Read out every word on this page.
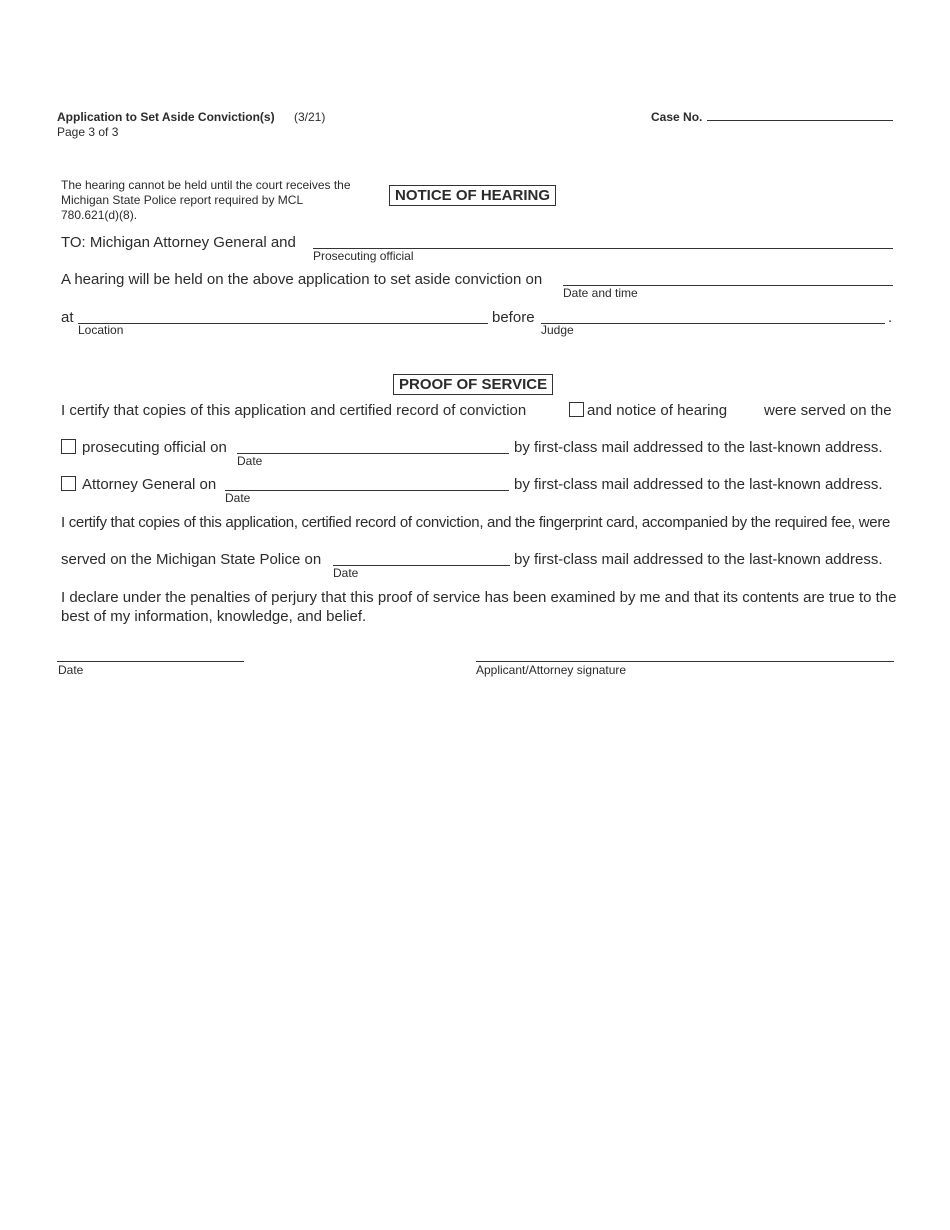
Application to Set Aside Conviction(s) (3/21)
Page 3 of 3
Case No.
The hearing cannot be held until the court receives the Michigan State Police report required by MCL 780.621(d)(8).
NOTICE OF HEARING
TO: Michigan Attorney General and
Prosecuting official
A hearing will be held on the above application to set aside conviction on
Date and time
at
Location
before
Judge
.
PROOF OF SERVICE
I certify that copies of this application and certified record of conviction	and notice of hearing were served on the
prosecuting official on
Date
by first-class mail addressed to the last-known address.
Attorney General on
Date
by first-class mail addressed to the last-known address.
I certify that copies of this application, certified record of conviction, and the fingerprint card, accompanied by the required fee, were
served on the Michigan State Police on
Date
by first-class mail addressed to the last-known address.
I declare under the penalties of perjury that this proof of service has been examined by me and that its contents are true to the best of my information, knowledge, and belief.
Date	Applicant/Attorney signature
